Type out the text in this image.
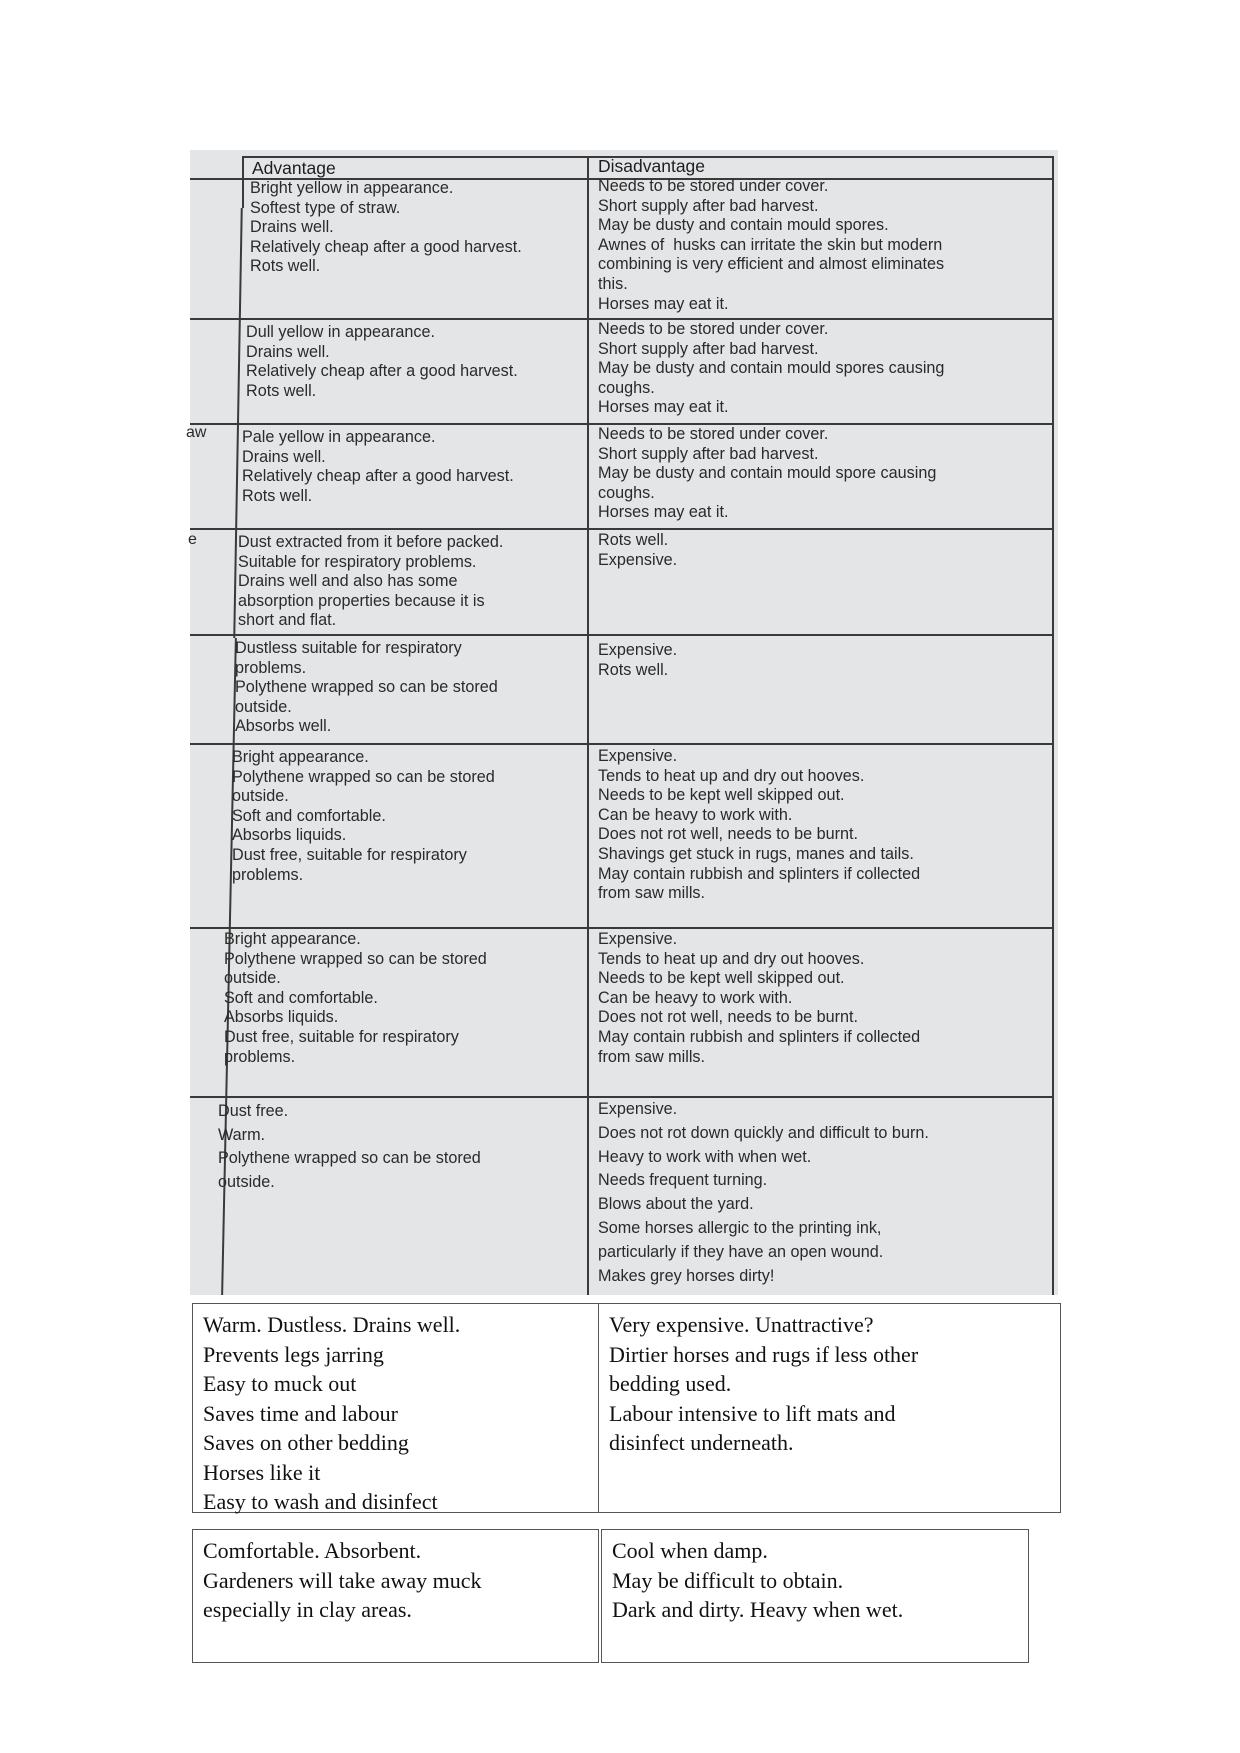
Advantage	Disadvantage
aw
e
Bright yellow in appearance.
Softest type of straw.
Drains well.
Relatively cheap after a good harvest.
Rots well.
Needs to be stored under cover.
Short supply after bad harvest.
May be dusty and contain mould spores.
Awnes of  husks can irritate the skin but modern
combining is very efficient and almost eliminates
this.
Horses may eat it.
Dull yellow in appearance.
Drains well.
Relatively cheap after a good harvest.
Rots well.
Needs to be stored under cover.
Short supply after bad harvest.
May be dusty and contain mould spores causing
coughs.
Horses may eat it.
Pale yellow in appearance.
Drains well.
Relatively cheap after a good harvest.
Rots well.
Needs to be stored under cover.
Short supply after bad harvest.
May be dusty and contain mould spore causing
coughs.
Horses may eat it.
Dust extracted from it before packed.
Suitable for respiratory problems.
Drains well and also has some
absorption properties because it is
short and flat.
Rots well.
Expensive.
Dustless suitable for respiratory
problems.
Polythene wrapped so can be stored
outside.
Absorbs well.
Expensive.
Rots well.
Bright appearance.
Polythene wrapped so can be stored
outside.
Soft and comfortable.
Absorbs liquids.
Dust free, suitable for respiratory
problems.
Expensive.
Tends to heat up and dry out hooves.
Needs to be kept well skipped out.
Can be heavy to work with.
Does not rot well, needs to be burnt.
Shavings get stuck in rugs, manes and tails.
May contain rubbish and splinters if collected
from saw mills.
Bright appearance.
Polythene wrapped so can be stored
outside.
Soft and comfortable.
Absorbs liquids.
Dust free, suitable for respiratory
problems.
Expensive.
Tends to heat up and dry out hooves.
Needs to be kept well skipped out.
Can be heavy to work with.
Does not rot well, needs to be burnt.
May contain rubbish and splinters if collected
from saw mills.
Dust free.
Warm.
Polythene wrapped so can be stored
outside.
Expensive.
Does not rot down quickly and difficult to burn.
Heavy to work with when wet.
Needs frequent turning.
Blows about the yard.
Some horses allergic to the printing ink,
particularly if they have an open wound.
Makes grey horses dirty!
Warm. Dustless. Drains well.
Prevents legs jarring
Easy to muck out
Saves time and labour
Saves on other bedding
Horses like it
Easy to wash and disinfect
Very expensive. Unattractive?
Dirtier horses and rugs if less other
bedding used.
Labour intensive to lift mats and
disinfect underneath.
Comfortable. Absorbent.
Gardeners will take away muck
especially in clay areas.
Cool when damp.
May be difficult to obtain.
Dark and dirty. Heavy when wet.
